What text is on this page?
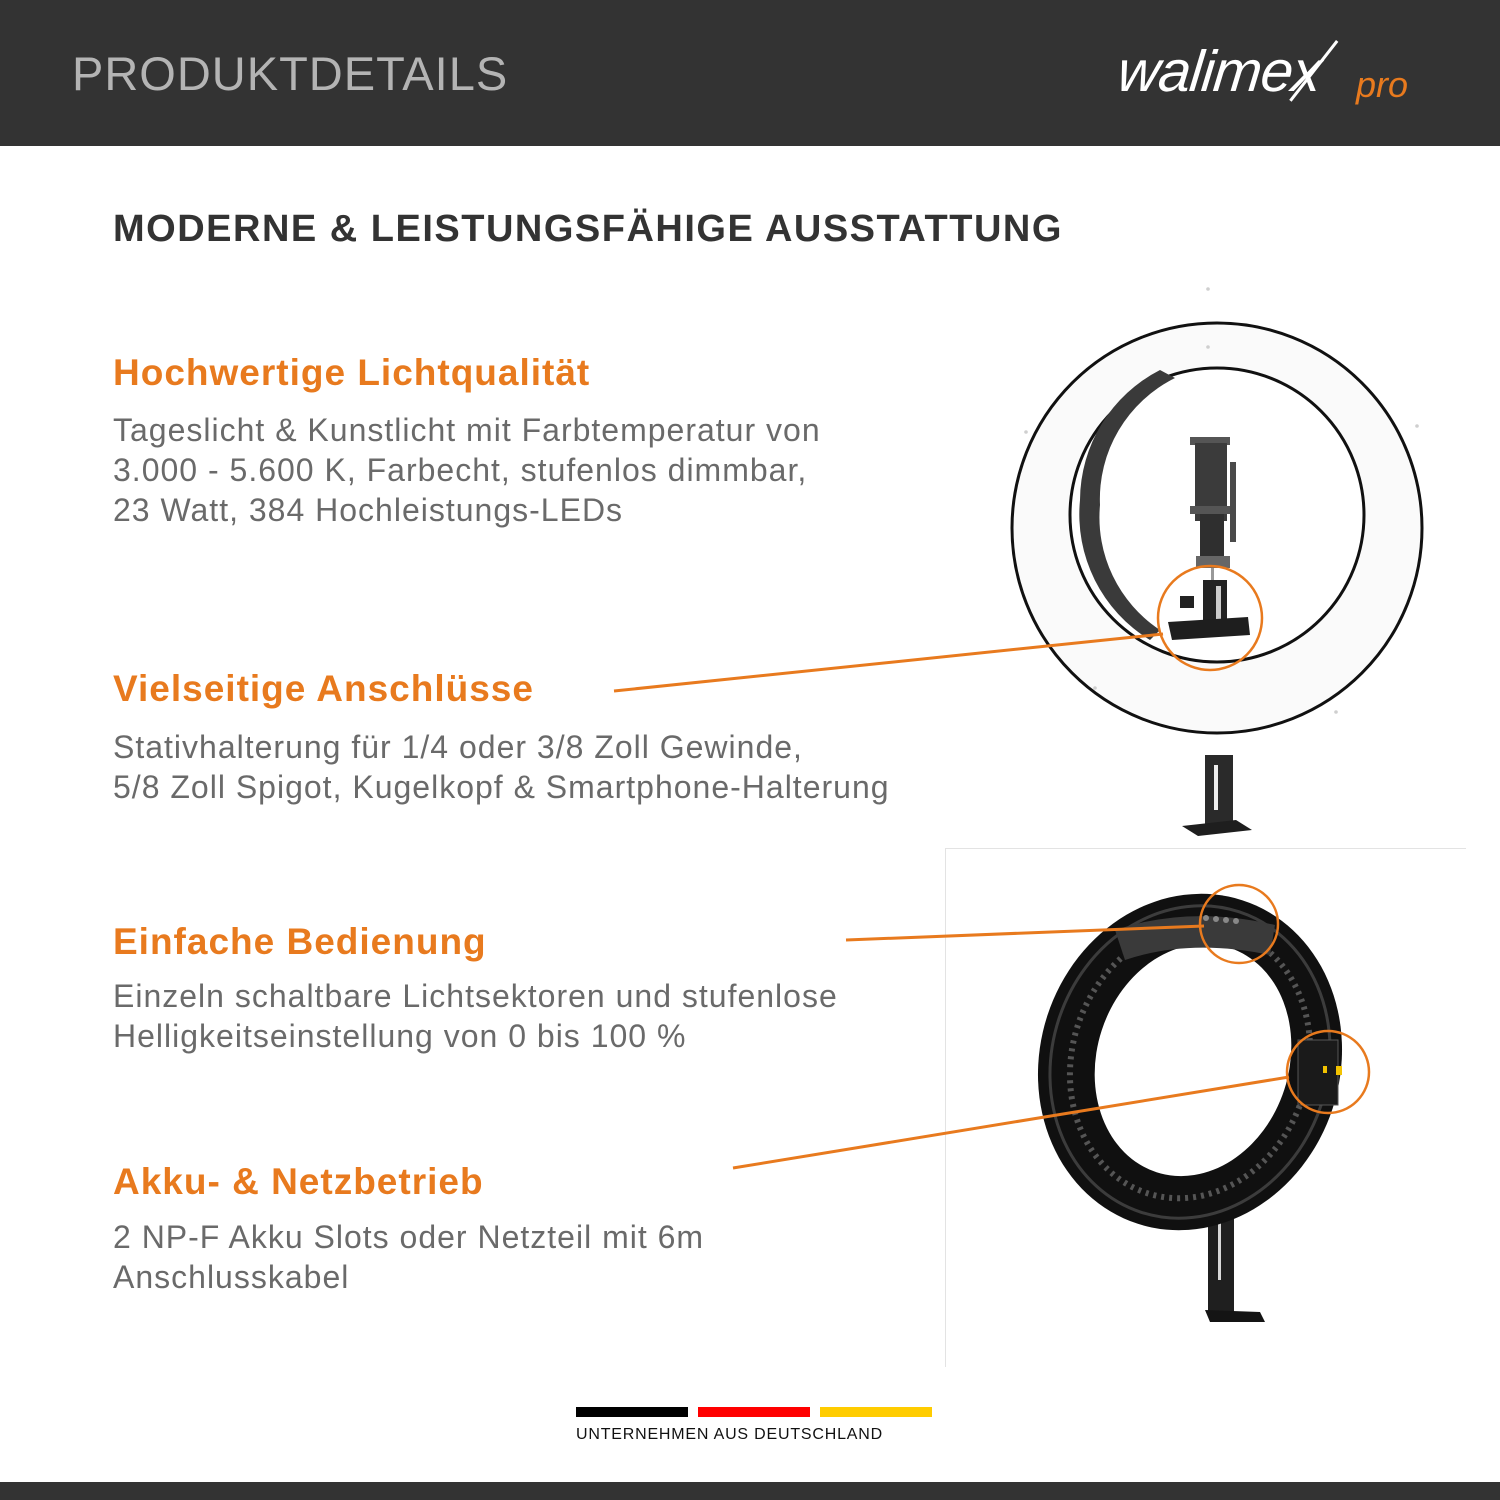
PRODUKTDETAILS	walimex pro
MODERNE & LEISTUNGSFÄHIGE AUSSTATTUNG
Hochwertige Lichtqualität
Tageslicht & Kunstlicht mit Farbtemperatur von
3.000 - 5.600 K, Farbecht, stufenlos dimmbar,
23 Watt, 384 Hochleistungs-LEDs
Vielseitige Anschlüsse
Stativhalterung für 1/4 oder 3/8 Zoll Gewinde,
5/8 Zoll Spigot, Kugelkopf & Smartphone-Halterung
Einfache Bedienung
Einzeln schaltbare Lichtsektoren und stufenlose
Helligkeitseinstellung von 0 bis 100 %
Akku- & Netzbetrieb
2 NP-F Akku Slots oder Netzteil mit 6m
Anschlusskabel
UNTERNEHMEN AUS DEUTSCHLAND
